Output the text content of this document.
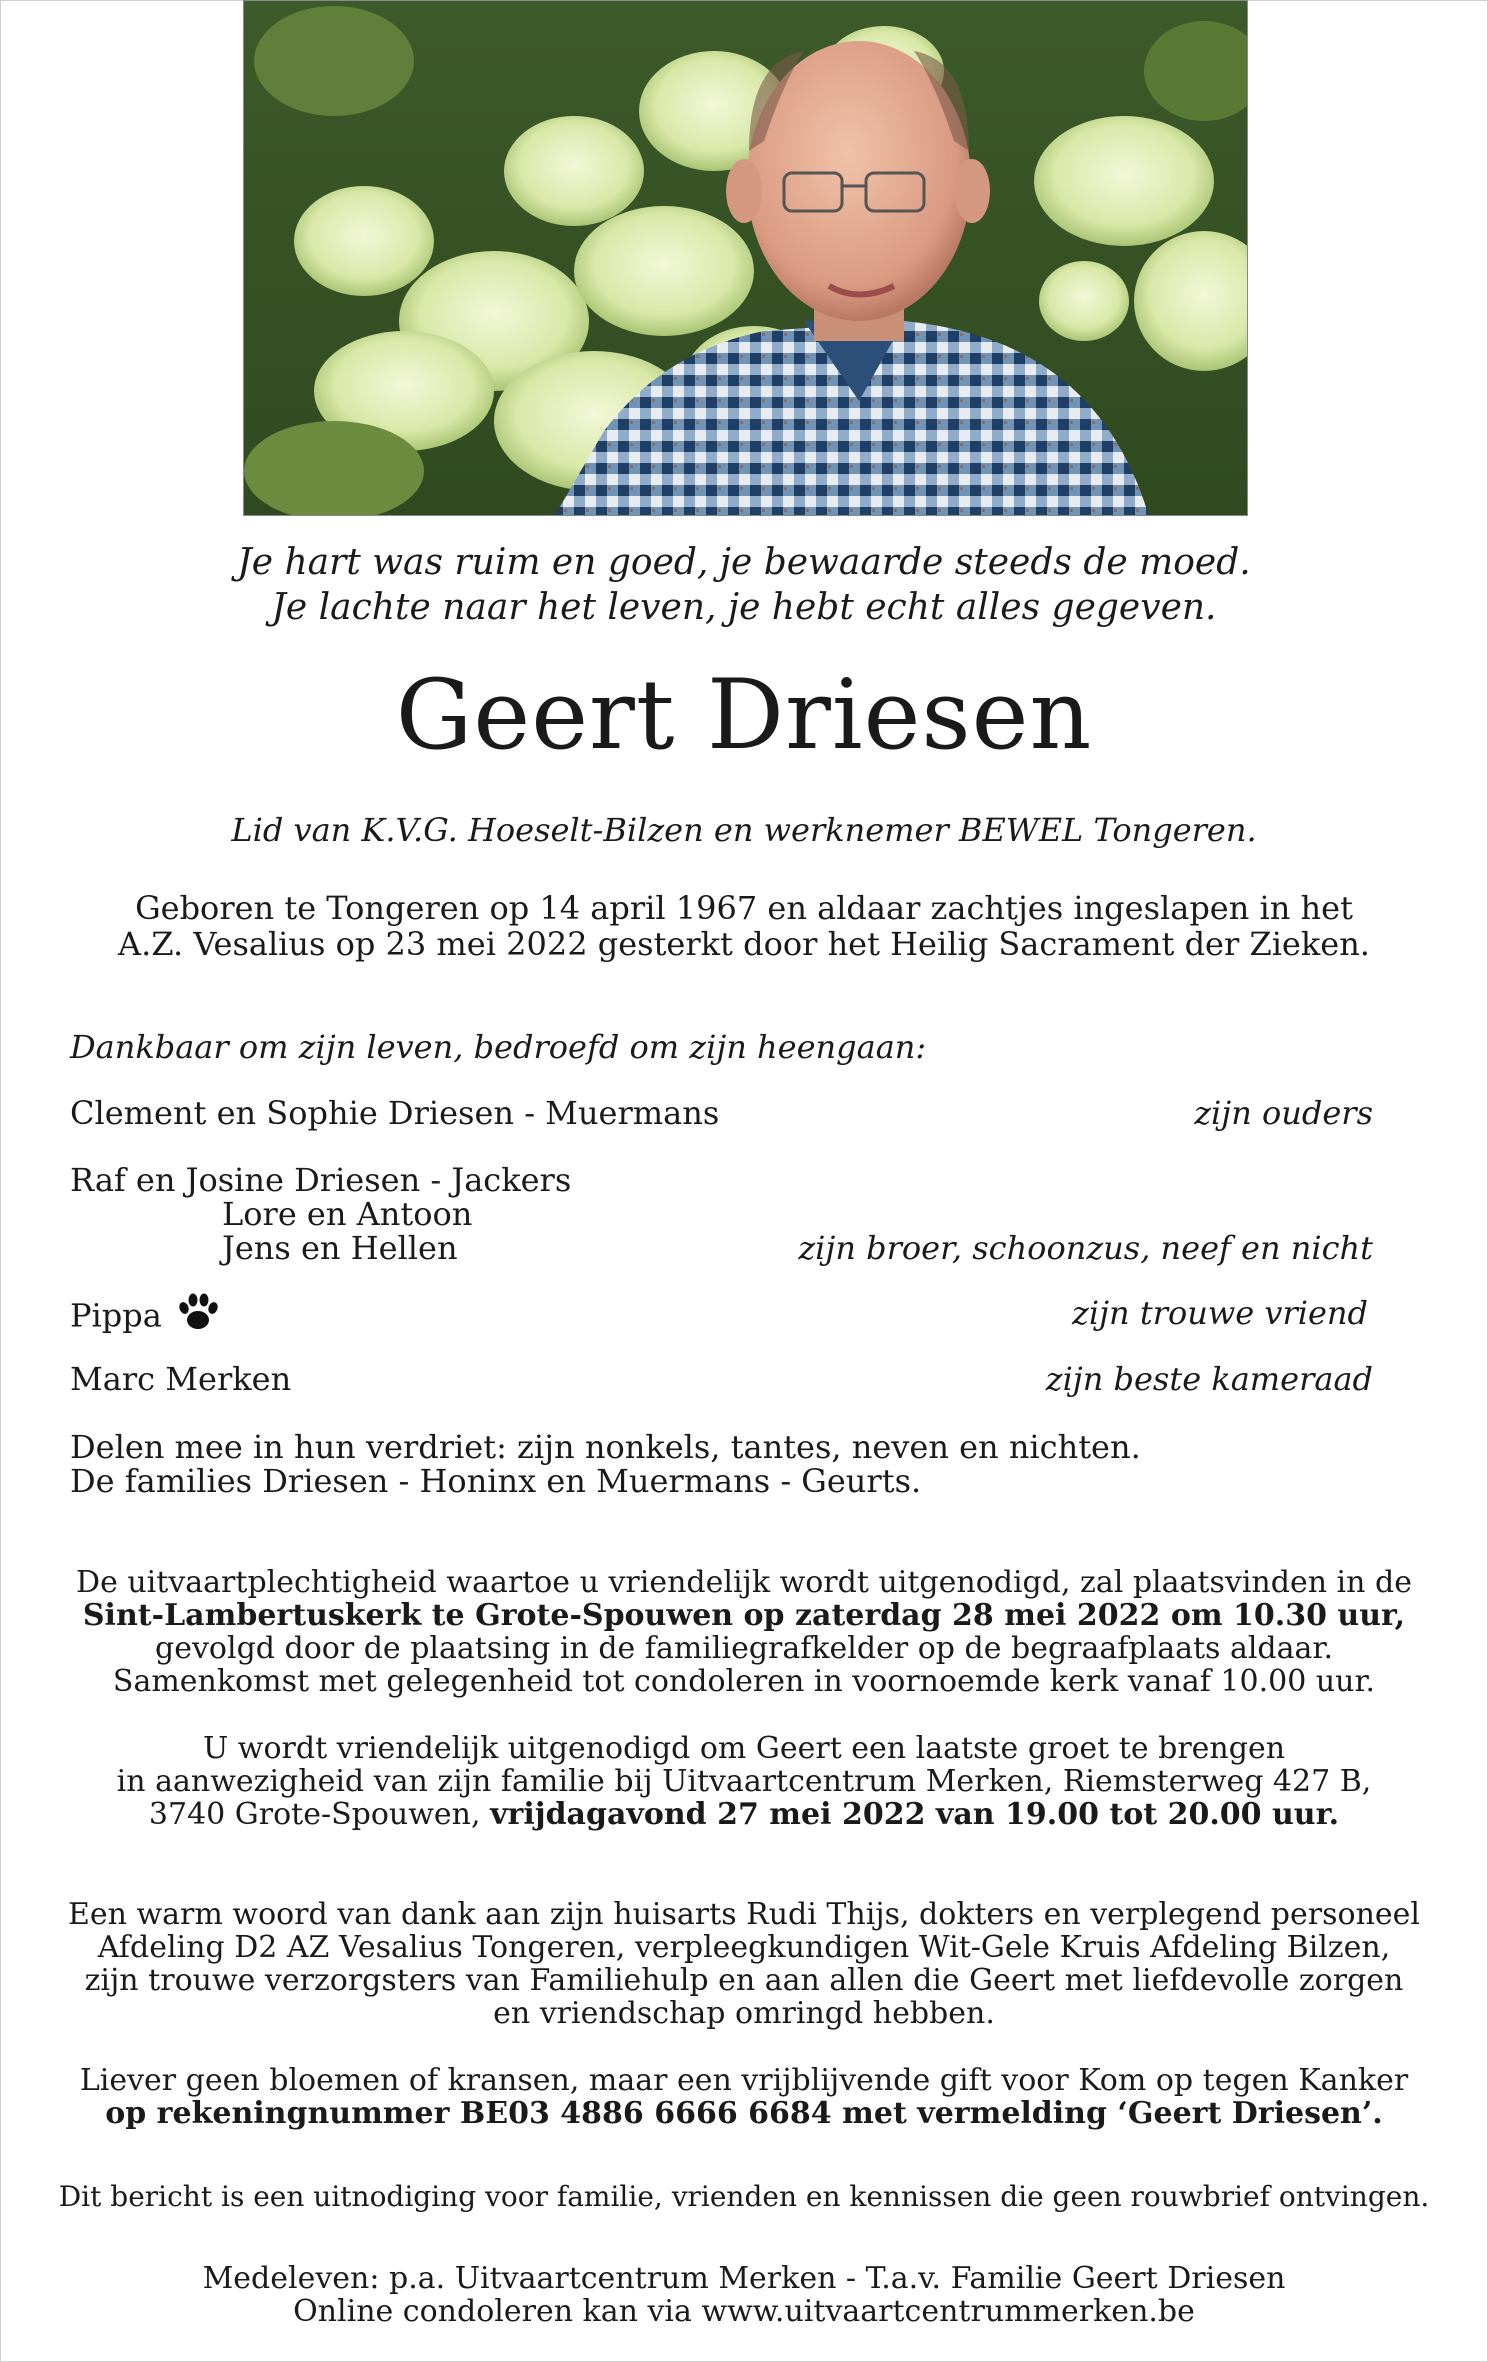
Je hart was ruim en goed, je bewaarde steeds de moed.
Je lachte naar het leven, je hebt echt alles gegeven.
Geert Driesen
Lid van K.V.G. Hoeselt-Bilzen en werknemer BEWEL Tongeren.
Geboren te Tongeren op 14 april 1967 en aldaar zachtjes ingeslapen in het
A.Z. Vesalius op 23 mei 2022 gesterkt door het Heilig Sacrament der Zieken.
Dankbaar om zijn leven, bedroefd om zijn heengaan:
Clement en Sophie Driesen - Muermans	zijn ouders
Raf en Josine Driesen - Jackers
Lore en Antoon
Jens en Hellen	zijn broer, schoonzus, neef en nicht
Pippa	zijn trouwe vriend
Marc Merken	zijn beste kameraad
Delen mee in hun verdriet: zijn nonkels, tantes, neven en nichten.
De families Driesen - Honinx en Muermans - Geurts.
De uitvaartplechtigheid waartoe u vriendelijk wordt uitgenodigd, zal plaatsvinden in de
Sint-Lambertuskerk te Grote-Spouwen op zaterdag 28 mei 2022 om 10.30 uur,
gevolgd door de plaatsing in de familiegrafkelder op de begraafplaats aldaar.
Samenkomst met gelegenheid tot condoleren in voornoemde kerk vanaf 10.00 uur.
U wordt vriendelijk uitgenodigd om Geert een laatste groet te brengen
in aanwezigheid van zijn familie bij Uitvaartcentrum Merken, Riemsterweg 427 B,
3740 Grote-Spouwen, vrijdagavond 27 mei 2022 van 19.00 tot 20.00 uur.
Een warm woord van dank aan zijn huisarts Rudi Thijs, dokters en verplegend personeel
Afdeling D2 AZ Vesalius Tongeren, verpleegkundigen Wit-Gele Kruis Afdeling Bilzen,
zijn trouwe verzorgsters van Familiehulp en aan allen die Geert met liefdevolle zorgen
en vriendschap omringd hebben.
Liever geen bloemen of kransen, maar een vrijblijvende gift voor Kom op tegen Kanker
op rekeningnummer BE03 4886 6666 6684 met vermelding ‘Geert Driesen’.
Dit bericht is een uitnodiging voor familie, vrienden en kennissen die geen rouwbrief ontvingen.
Medeleven: p.a. Uitvaartcentrum Merken - T.a.v. Familie Geert Driesen
Online condoleren kan via www.uitvaartcentrummerken.be
